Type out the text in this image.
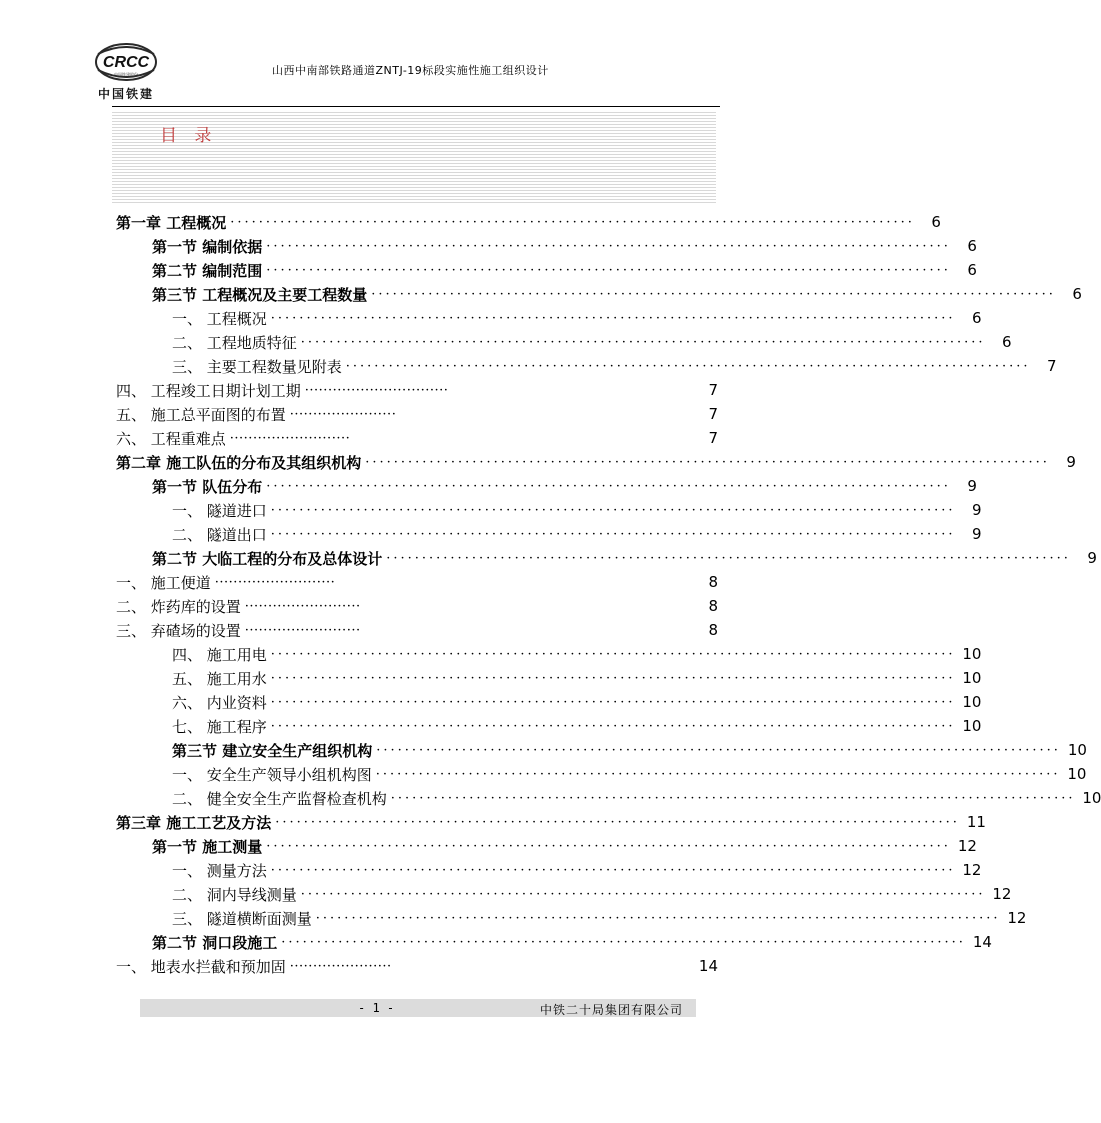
CRCC
中国铁建股份
中国铁建
山西中南部铁路通道ZNTJ-19标段实施性施工组织设计
目 录
第一章 工程概况 ································································································	6
第一节 编制依据 ································································································	6
第二节 编制范围 ································································································	6
第三节 工程概况及主要工程数量 ································································································	6
一、 工程概况 ································································································	6
二、 工程地质特征 ································································································	6
三、 主要工程数量见附表 ································································································	7
四、 工程竣工日期计划工期 ·······························	7
五、 施工总平面图的布置 ·······················	7
六、 工程重难点 ··························	7
第二章 施工队伍的分布及其组织机构 ································································································	9
第一节 队伍分布 ································································································	9
一、 隧道进口 ································································································	9
二、 隧道出口 ································································································	9
第二节 大临工程的分布及总体设计 ································································································	9
一、 施工便道 ··························	8
二、 炸药库的设置 ·························	8
三、 弃碴场的设置 ·························	8
四、 施工用电 ································································································ 10
五、 施工用水 ································································································ 10
六、 内业资料 ································································································ 10
七、 施工程序 ································································································ 10
第三节 建立安全生产组织机构 ································································································ 10
一、 安全生产领导小组机构图 ································································································ 10
二、 健全安全生产监督检查机构 ································································································ 10
第三章 施工工艺及方法 ································································································ 11
第一节 施工测量 ································································································ 12
一、 测量方法 ································································································ 12
二、 洞内导线测量 ································································································ 12
三、 隧道横断面测量 ································································································ 12
第二节 洞口段施工 ································································································ 14
一、 地表水拦截和预加固 ······················	14
- 1 -	中铁二十局集团有限公司
